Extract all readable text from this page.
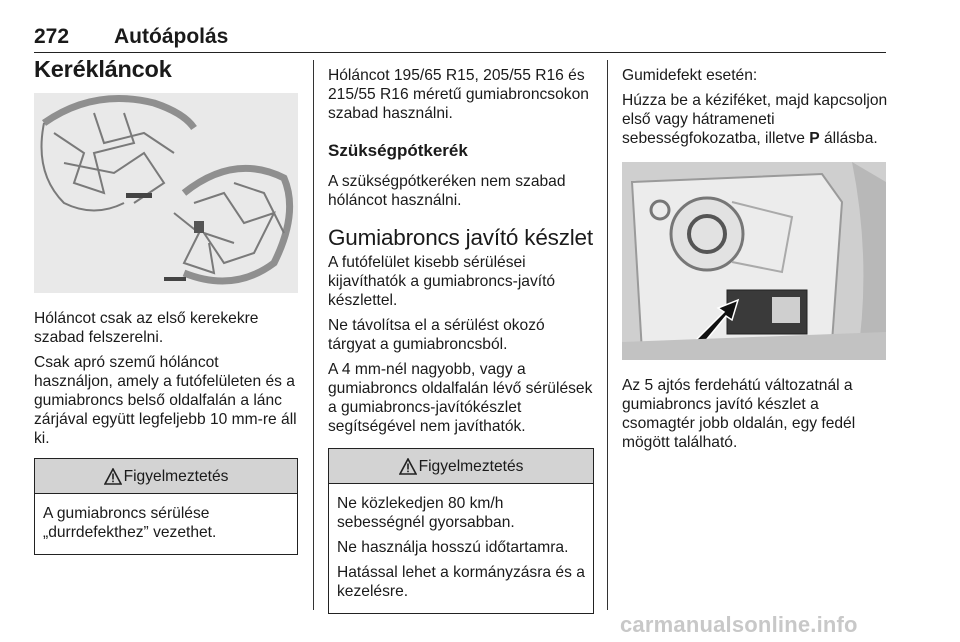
272 Autóápolás
Kerékláncok

Hóláncot csak az első kerekekre szabad felszerelni.

Csak apró szemű hóláncot használjon, amely a futófelületen és a gumiabroncs belső oldalfalán a lánc zárjával együtt legfeljebb 10 mm-re áll ki.

Figyelmeztetés

A gumiabroncs sérülése „durrdefekthez” vezethet.

Hóláncot 195/65 R15, 205/55 R16 és 215/55 R16 méretű gumiabroncsokon szabad használni.

Szükségpótkerék

A szükségpótkeréken nem szabad hóláncot használni.

Gumiabroncs javító készlet

A futófelület kisebb sérülései kijavíthatók a gumiabroncs-javító készlettel.

Ne távolítsa el a sérülést okozó tárgyat a gumiabroncsból.

A 4 mm-nél nagyobb, vagy a gumiabroncs oldalfalán lévő sérülések a gumiabroncs-javítókészlet segítségével nem javíthatók.

Figyelmeztetés

Ne közlekedjen 80 km/h sebességnél gyorsabban.

Ne használja hosszú időtartamra.

Hatással lehet a kormányzásra és a kezelésre.

Gumidefekt esetén:

Húzza be a kéziféket, majd kapcsoljon első vagy hátrameneti sebességfokozatba, illetve P állásba.

Az 5 ajtós ferdehátú változatnál a gumiabroncs javító készlet a csomagtér jobb oldalán, egy fedél mögött található.

carmanualsonline.info
